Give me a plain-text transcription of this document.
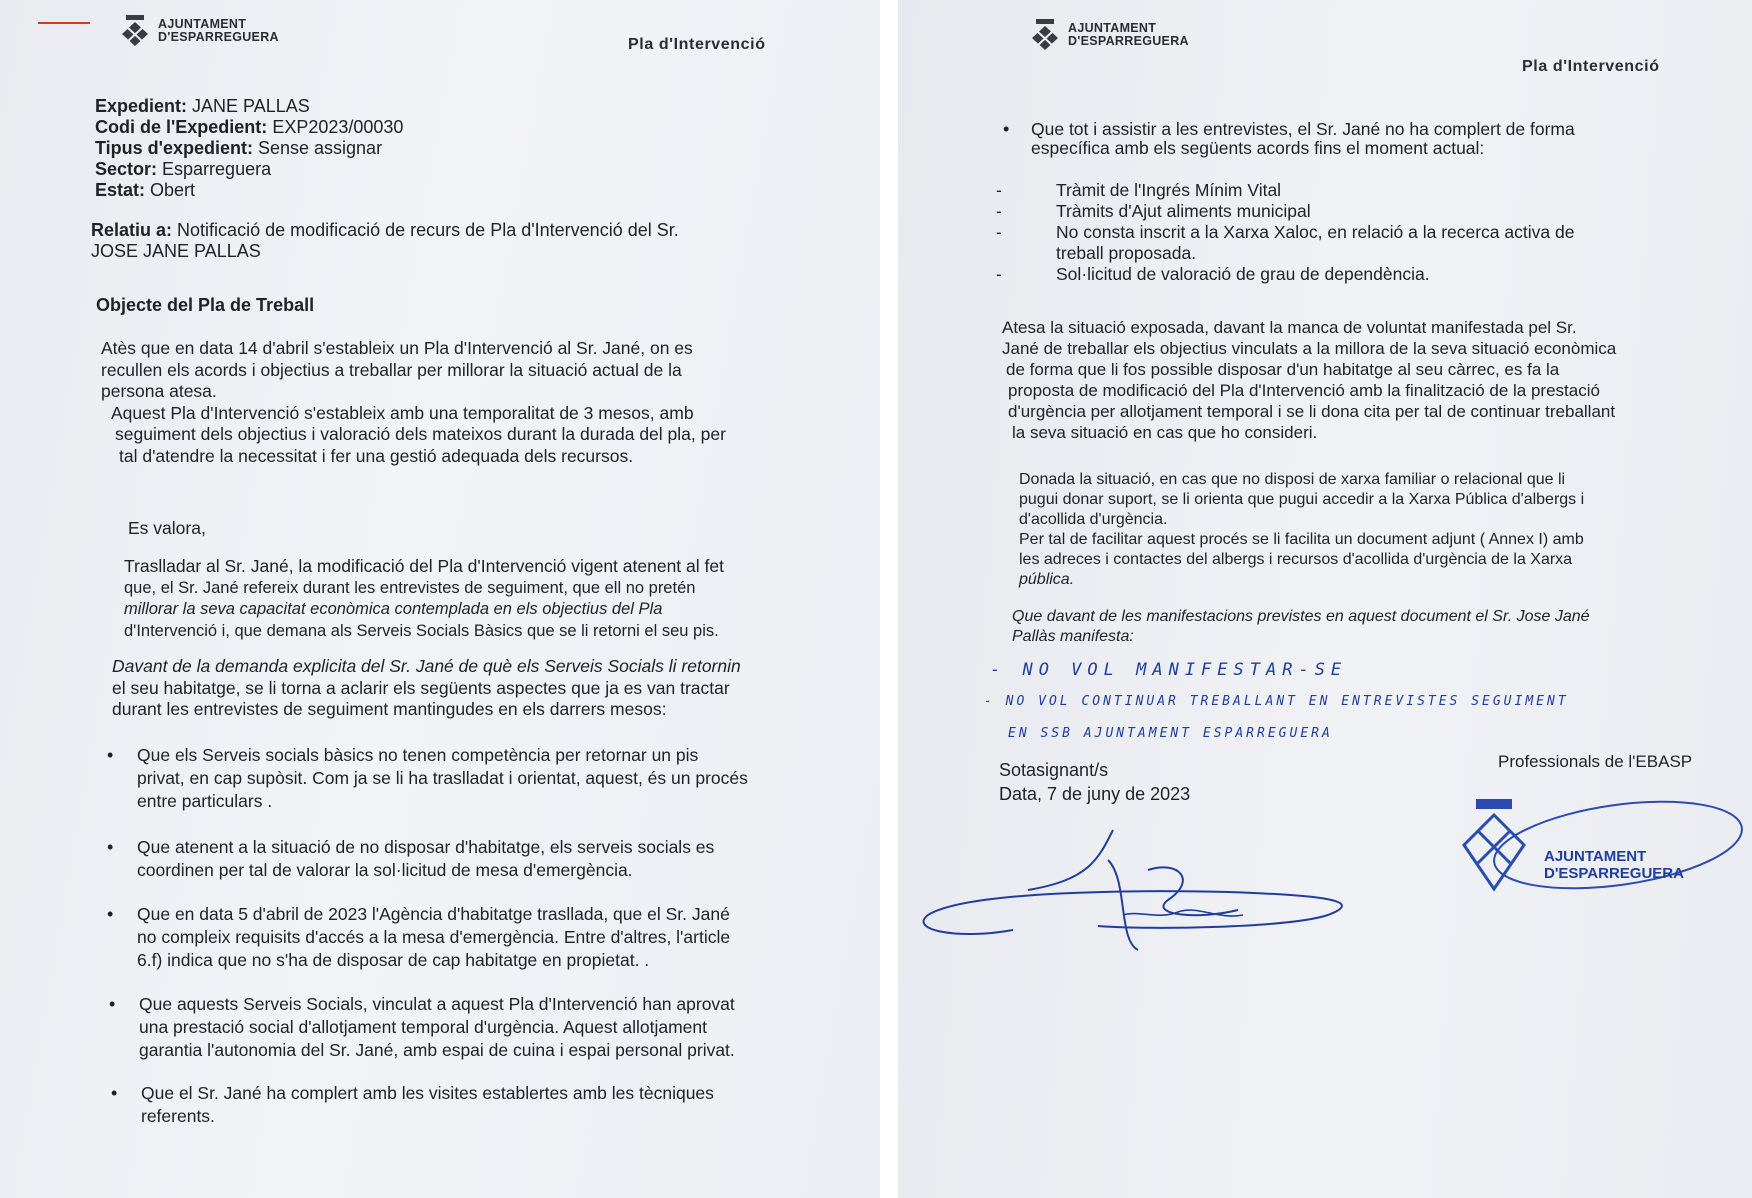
AJUNTAMENT
D'ESPARREGUERA	Pla d'Intervenció
Expedient: JANE PALLAS
Codi de l'Expedient: EXP2023/00030
Tipus d'expedient: Sense assignar
Sector: Esparreguera
Estat: Obert
Relatiu a: Notificació de modificació de recurs de Pla d'Intervenció del Sr.
JOSE JANE PALLAS
Objecte del Pla de Treball

Atès que en data 14 d'abril s'estableix un Pla d'Intervenció al Sr. Jané, on es

recullen els acords i objectius a treballar per millorar la situació actual de la

persona atesa.

Aquest Pla d'Intervenció s'estableix amb una temporalitat de 3 mesos, amb

seguiment dels objectius i valoració dels mateixos durant la durada del pla, per

tal d'atendre la necessitat i fer una gestió adequada dels recursos.

Es valora,

Traslladar al Sr. Jané, la modificació del Pla d'Intervenció vigent atenent al fet

que, el Sr. Jané refereix durant les entrevistes de seguiment, que ell no pretén

millorar la seva capacitat econòmica contemplada en els objectius del Pla

d'Intervenció i, que demana als Serveis Socials Bàsics que se li retorni el seu pis.

Davant de la demanda explicita del Sr. Jané de què els Serveis Socials li retornin

el seu habitatge, se li torna a aclarir els següents aspectes que ja es van tractar

durant les entrevistes de seguiment mantingudes en els darrers mesos:

• Que els Serveis socials bàsics no tenen competència per retornar un pis
privat, en cap supòsit. Com ja se li ha traslladat i orientat, aquest, és un procés
entre particulars .
• Que atenent a la situació de no disposar d'habitatge, els serveis socials es
coordinen per tal de valorar la sol·licitud de mesa d'emergència.
• Que en data 5 d'abril de 2023 l'Agència d'habitatge trasllada, que el Sr. Jané
no compleix requisits d'accés a la mesa d'emergència. Entre d'altres, l'article
6.f) indica que no s'ha de disposar de cap habitatge en propietat. .
• Que aquests Serveis Socials, vinculat a aquest Pla d'Intervenció han aprovat
una prestació social d'allotjament temporal d'urgència. Aquest allotjament
garantia l'autonomia del Sr. Jané, amb espai de cuina i espai personal privat.
• Que el Sr. Jané ha complert amb les visites establertes amb les tècniques
referents.
AJUNTAMENT
D'ESPARREGUERA
Pla d'Intervenció
• Que tot i assistir a les entrevistes, el Sr. Jané no ha complert de forma
específica amb els següents acords fins el moment actual:
-	Tràmit de l'Ingrés Mínim Vital
-	Tràmits d'Ajut aliments municipal
-	No consta inscrit a la Xarxa Xaloc, en relació a la recerca activa de
treball proposada.
-	Sol·licitud de valoració de grau de dependència.

Atesa la situació exposada, davant la manca de voluntat manifestada pel Sr.

Jané de treballar els objectius vinculats a la millora de la seva situació econòmica

de forma que li fos possible disposar d'un habitatge al seu càrrec, es fa la

proposta de modificació del Pla d'Intervenció amb la finalització de la prestació

d'urgència per allotjament temporal i se li dona cita per tal de continuar treballant

la seva situació en cas que ho consideri.

Donada la situació, en cas que no disposi de xarxa familiar o relacional que li

pugui donar suport, se li orienta que pugui accedir a la Xarxa Pública d'albergs i

d'acollida d'urgència.

Per tal de facilitar aquest procés se li facilita un document adjunt ( Annex I) amb

les adreces i contactes del albergs i recursos d'acollida d'urgència de la Xarxa

pública.

Que davant de les manifestacions previstes en aquest document el Sr. Jose Jané

Pallàs manifesta:

- NO VOL MANIFESTAR-SE
- NO VOL CONTINUAR TREBALLANT EN ENTREVISTES SEGUIMENT
EN SSB AJUNTAMENT ESPARREGUERA
Professionals de l'EBASP
Sotasignant/s
Data, 7 de juny de 2023
AJUNTAMENT
D'ESPARREGUERA
